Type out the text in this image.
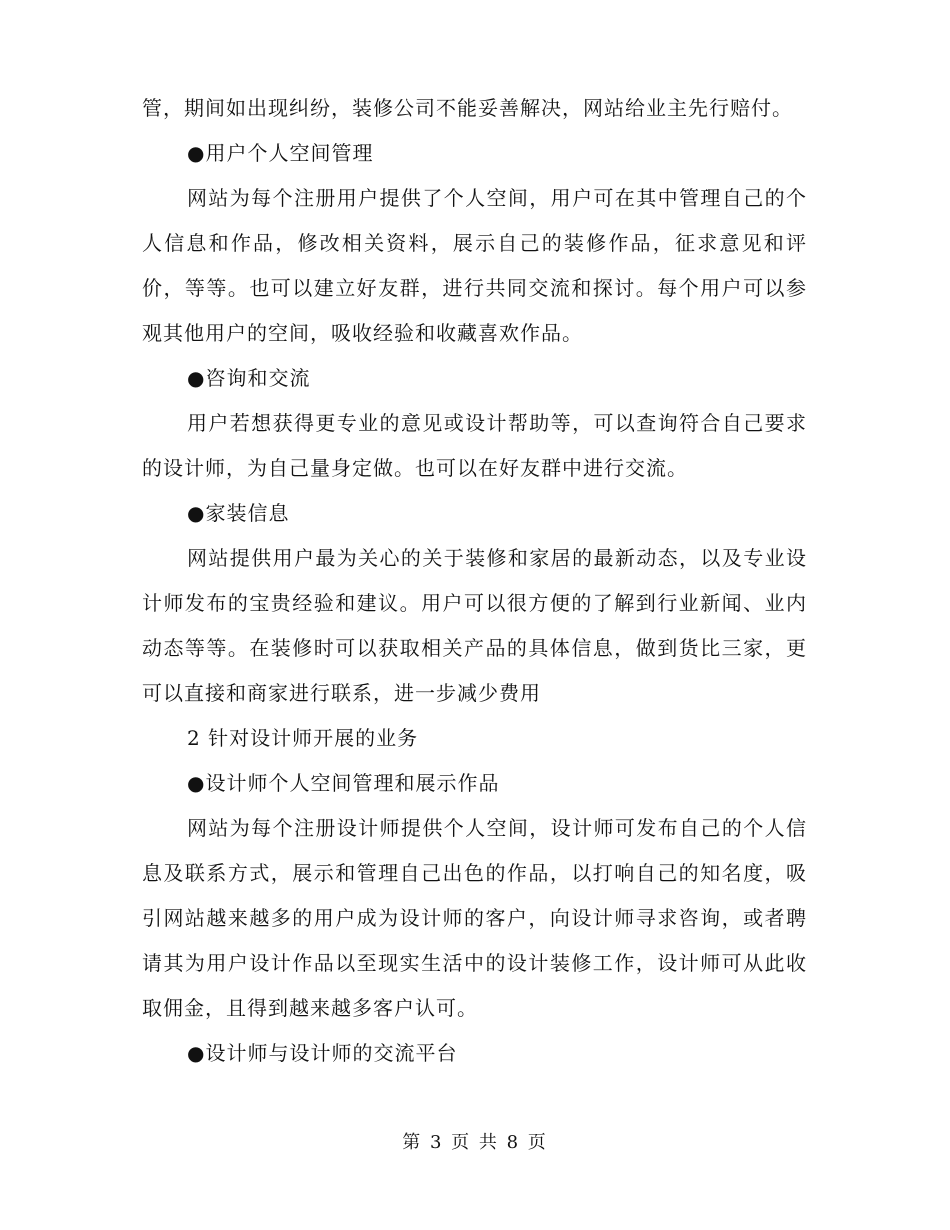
管，期间如出现纠纷，装修公司不能妥善解决，网站给业主先行赔付。

●用户个人空间管理

网站为每个注册用户提供了个人空间，用户可在其中管理自己的个人信息和作品，修改相关资料，展示自己的装修作品，征求意见和评价，等等。也可以建立好友群，进行共同交流和探讨。每个用户可以参观其他用户的空间，吸收经验和收藏喜欢作品。

●咨询和交流

用户若想获得更专业的意见或设计帮助等，可以查询符合自己要求的设计师，为自己量身定做。也可以在好友群中进行交流。

●家装信息

网站提供用户最为关心的关于装修和家居的最新动态，以及专业设计师发布的宝贵经验和建议。用户可以很方便的了解到行业新闻、业内动态等等。在装修时可以获取相关产品的具体信息，做到货比三家，更可以直接和商家进行联系，进一步减少费用

2 针对设计师开展的业务

●设计师个人空间管理和展示作品

网站为每个注册设计师提供个人空间，设计师可发布自己的个人信息及联系方式，展示和管理自己出色的作品，以打响自己的知名度，吸引网站越来越多的用户成为设计师的客户，向设计师寻求咨询，或者聘请其为用户设计作品以至现实生活中的设计装修工作，设计师可从此收取佣金，且得到越来越多客户认可。

●设计师与设计师的交流平台

第 3 页 共 8 页
